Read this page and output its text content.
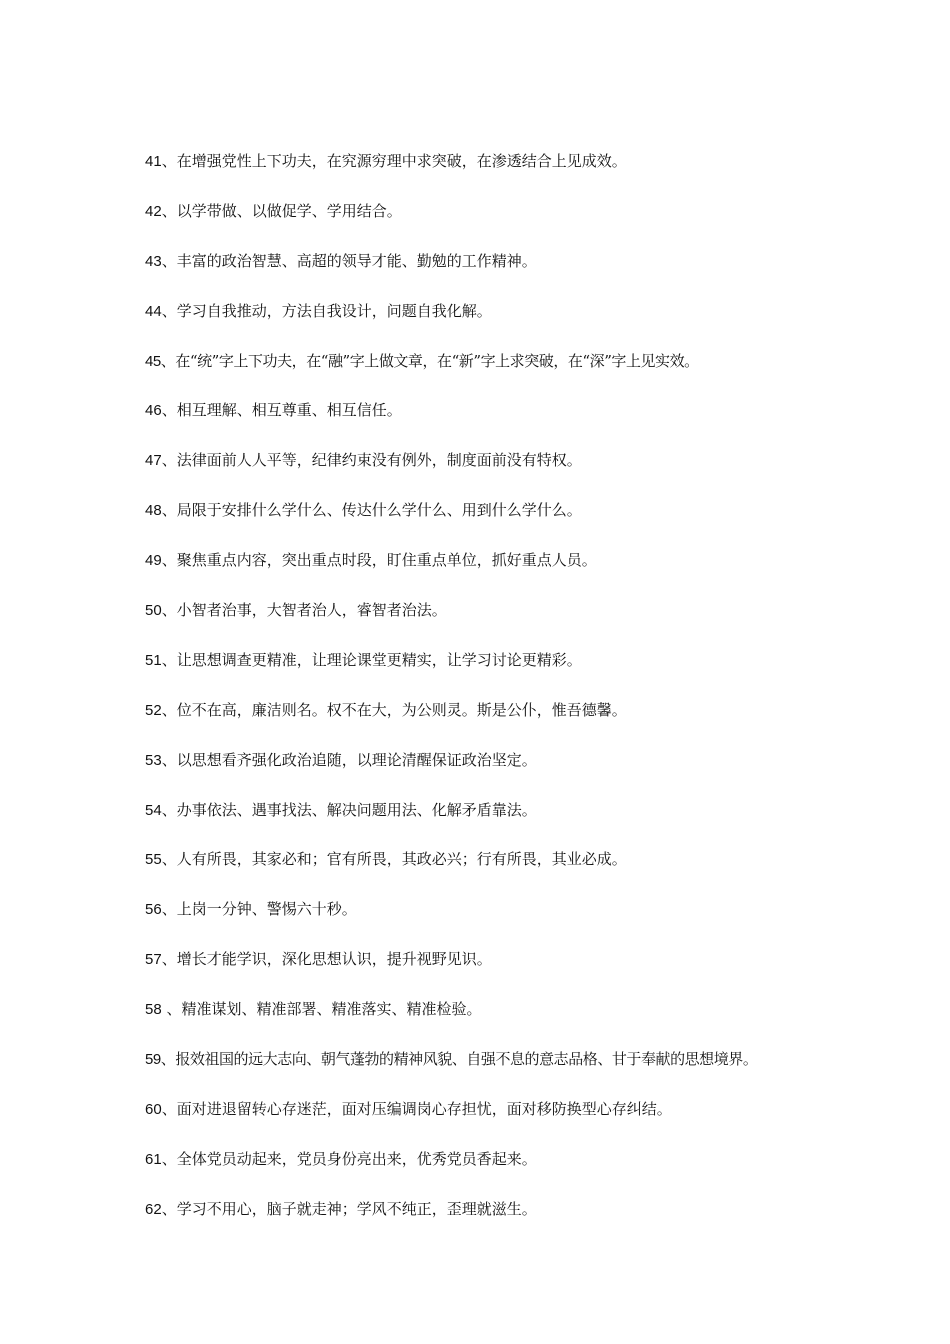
41、在增强党性上下功夫，在究源穷理中求突破，在渗透结合上见成效。
42、以学带做、以做促学、学用结合。
43、丰富的政治智慧、高超的领导才能、勤勉的工作精神。
44、学习自我推动，方法自我设计，问题自我化解。
45、在“统”字上下功夫，在“融”字上做文章，在“新”字上求突破，在“深”字上见实效。
46、相互理解、相互尊重、相互信任。
47、法律面前人人平等，纪律约束没有例外，制度面前没有特权。
48、局限于安排什么学什么、传达什么学什么、用到什么学什么。
49、聚焦重点内容，突出重点时段，盯住重点单位，抓好重点人员。
50、小智者治事，大智者治人，睿智者治法。
51、让思想调查更精准，让理论课堂更精实，让学习讨论更精彩。
52、位不在高，廉洁则名。权不在大，为公则灵。斯是公仆，惟吾德馨。
53、以思想看齐强化政治追随，以理论清醒保证政治坚定。
54、办事依法、遇事找法、解决问题用法、化解矛盾靠法。
55、人有所畏，其家必和；官有所畏，其政必兴；行有所畏，其业必成。
56、上岗一分钟、警惕六十秒。
57、增长才能学识，深化思想认识，提升视野见识。
58 、精准谋划、精准部署、精准落实、精准检验。
59、报效祖国的远大志向、朝气蓬勃的精神风貌、自强不息的意志品格、甘于奉献的思想境界。
60、面对进退留转心存迷茫，面对压编调岗心存担忧，面对移防换型心存纠结。
61、全体党员动起来，党员身份亮出来，优秀党员香起来。
62、学习不用心，脑子就走神；学风不纯正，歪理就滋生。
